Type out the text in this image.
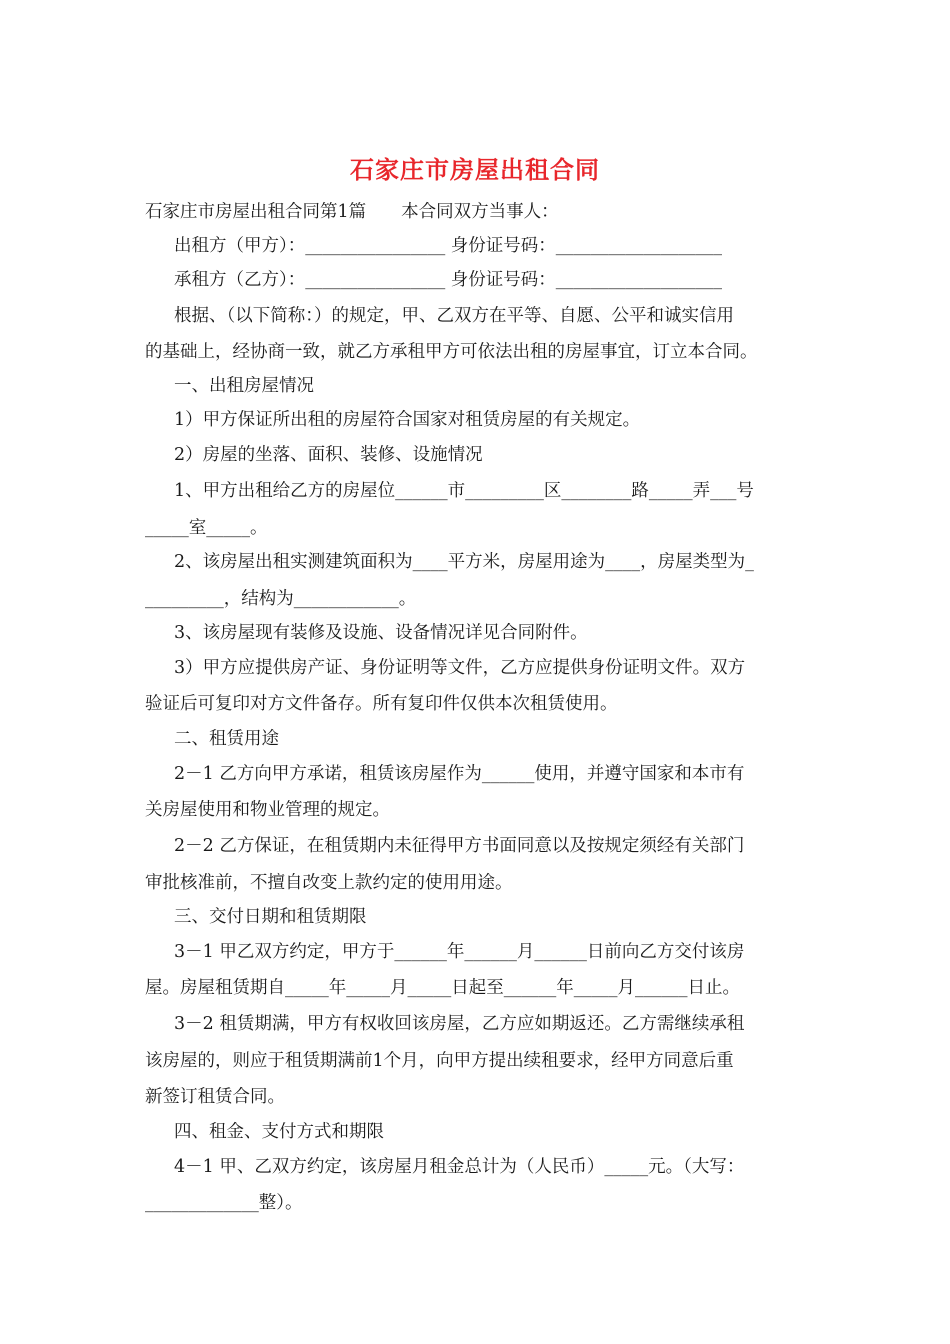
石家庄市房屋出租合同
石家庄市房屋出租合同第1篇　　本合同双方当事人：
出租方（甲方）：________________ 身份证号码：___________________
承租方（乙方）：________________ 身份证号码：___________________
根据、（以下简称：）的规定，甲、乙双方在平等、自愿、公平和诚实信用
的基础上，经协商一致，就乙方承租甲方可依法出租的房屋事宜，订立本合同。
一、出租房屋情况
1）甲方保证所出租的房屋符合国家对租赁房屋的有关规定。
2）房屋的坐落、面积、装修、设施情况
1、甲方出租给乙方的房屋位______市_________区________路_____弄___号
_____室_____。
2、该房屋出租实测建筑面积为____平方米，房屋用途为____，房屋类型为_
_________，结构为____________。
3、该房屋现有装修及设施、设备情况详见合同附件。
3）甲方应提供房产证、身份证明等文件，乙方应提供身份证明文件。双方
验证后可复印对方文件备存。所有复印件仅供本次租赁使用。
二、租赁用途
2－1 乙方向甲方承诺，租赁该房屋作为______使用，并遵守国家和本市有
关房屋使用和物业管理的规定。
2－2 乙方保证，在租赁期内未征得甲方书面同意以及按规定须经有关部门
审批核准前，不擅自改变上款约定的使用用途。
三、交付日期和租赁期限
3－1 甲乙双方约定，甲方于______年______月______日前向乙方交付该房
屋。房屋租赁期自_____年_____月_____日起至______年_____月______日止。
3－2 租赁期满，甲方有权收回该房屋，乙方应如期返还。乙方需继续承租
该房屋的，则应于租赁期满前1个月，向甲方提出续租要求，经甲方同意后重
新签订租赁合同。
四、租金、支付方式和期限
4－1 甲、乙双方约定，该房屋月租金总计为（人民币）_____元。（大写：
_____________整）。
